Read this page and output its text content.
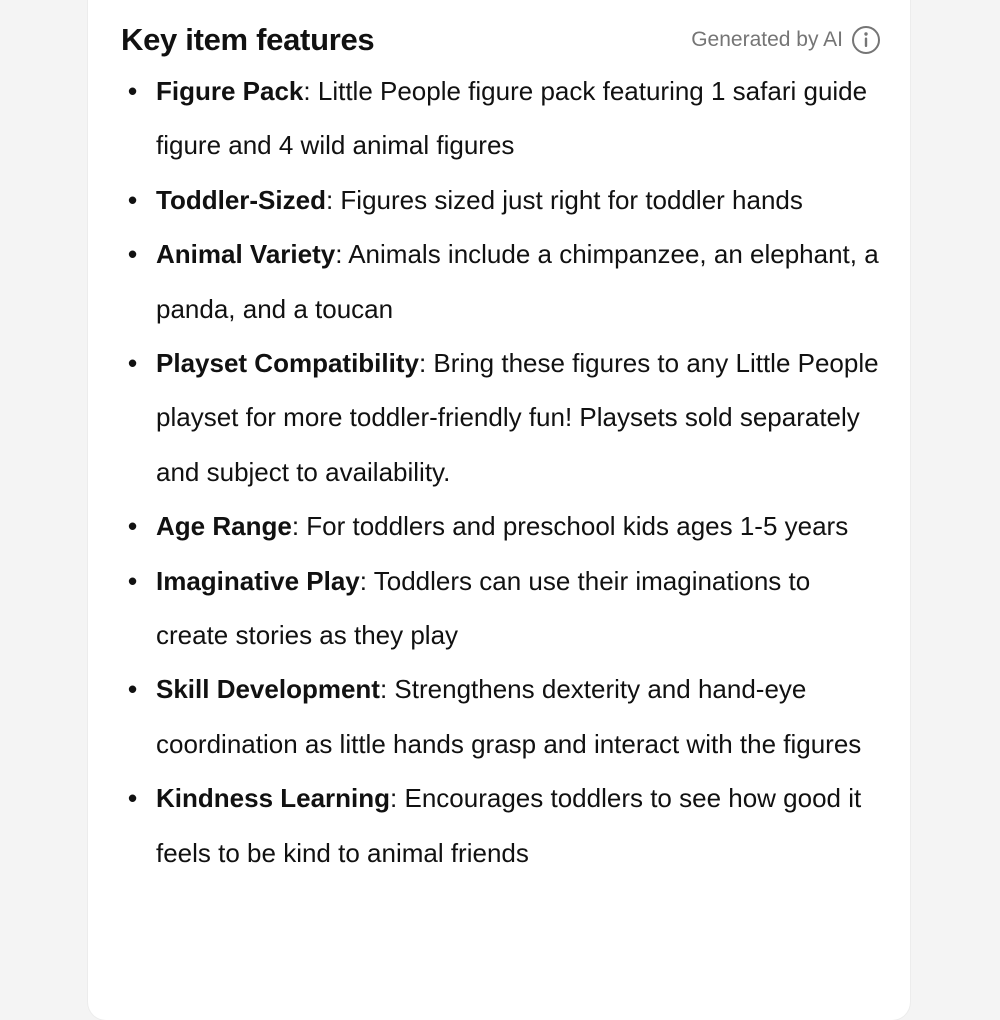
Key item features	Generated by AI
• Figure Pack: Little People figure pack featuring 1 safari guide figure and 4 wild animal figures
• Toddler-Sized: Figures sized just right for toddler hands
• Animal Variety: Animals include a chimpanzee, an elephant, a panda, and a toucan
• Playset Compatibility: Bring these figures to any Little People playset for more toddler-friendly fun! Playsets sold separately and subject to availability.
• Age Range: For toddlers and preschool kids ages 1-5 years
• Imaginative Play: Toddlers can use their imaginations to create stories as they play
• Skill Development: Strengthens dexterity and hand-eye coordination as little hands grasp and interact with the figures
• Kindness Learning: Encourages toddlers to see how good it feels to be kind to animal friends
